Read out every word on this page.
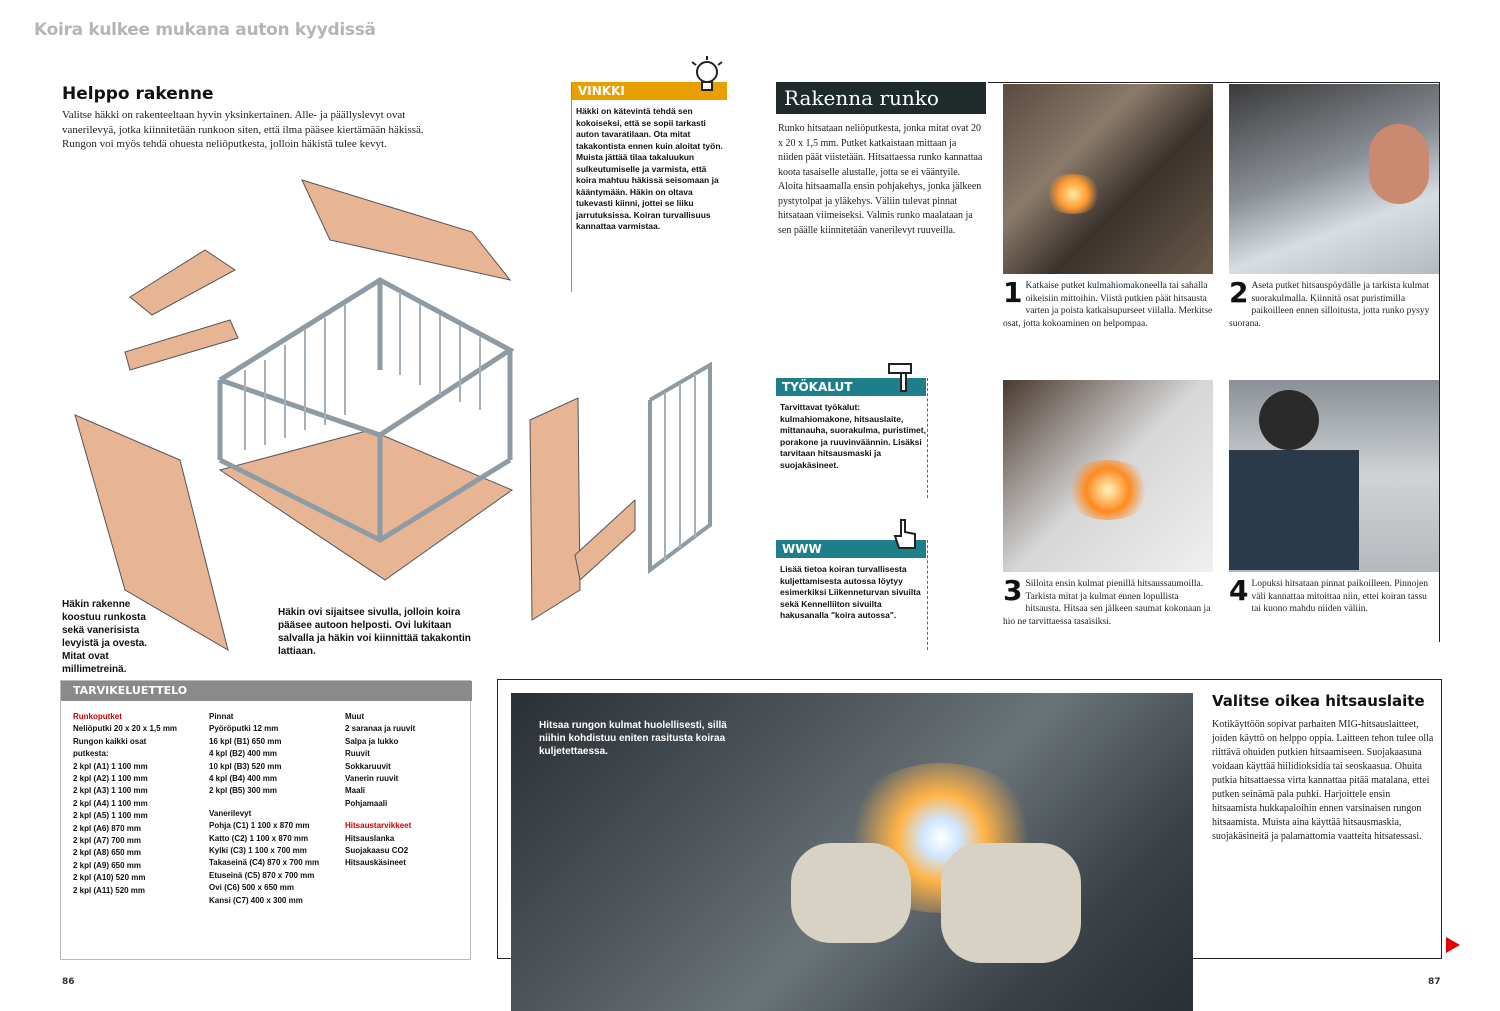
Koira kulkee mukana auton kyydissä
Helppo rakenne
Valitse häkki on rakenteeltaan hyvin yksinkertainen. Alle- ja päällyslevyt ovat vanerilevyä, jotka kiinnitetään runkoon siten, että ilma pääsee kiertämään häkissä. Rungon voi myös tehdä ohuesta neliöputkesta, jolloin häkistä tulee kevyt.
Häkin rakenne koostuu runkosta sekä vanerisista levyistä ja ovesta. Mitat ovat millimetreinä.
Häkin ovi sijaitsee sivulla, jolloin koira pääsee autoon helposti. Ovi lukitaan salvalla ja häkin voi kiinnittää takakontin lattiaan.
VINKKI
Häkki on kätevintä tehdä sen kokoiseksi, että se sopii tarkasti auton tavaratilaan. Ota mitat takakontista ennen kuin aloitat työn. Muista jättää tilaa takaluukun sulkeutumiselle ja varmista, että koira mahtuu häkissä seisomaan ja kääntymään. Häkin on oltava tukevasti kiinni, jottei se liiku jarrutuksissa. Koiran turvallisuus kannattaa varmistaa.
Rakenna runko
Runko hitsataan neliöputkesta, jonka mitat ovat 20 x 20 x 1,5 mm. Putket katkaistaan mittaan ja niiden päät viistetään. Hitsattaessa runko kannattaa koota tasaiselle alustalle, jotta se ei vääntyile. Aloita hitsaamalla ensin pohjakehys, jonka jälkeen pystytolpat ja yläkehys. Väliin tulevat pinnat hitsataan viimeiseksi. Valmis runko maalataan ja sen päälle kiinnitetään vanerilevyt ruuveilla.
TYÖKALUT
Tarvittavat työkalut: kulmahiomakone, hitsauslaite, mittanauha, suorakulma, puristimet, porakone ja ruuvinväännin. Lisäksi tarvitaan hitsausmaski ja suojakäsineet.
WWW
Lisää tietoa koiran turvallisesta kuljettamisesta autossa löytyy esimerkiksi Liikenneturvan sivuilta sekä Kennelliiton sivuilta hakusanalla "koira autossa".
1 Katkaise putket kulmahiomakoneella tai sahalla oikeisiin mittoihin. Viistä putkien päät hitsausta varten ja poista katkaisupurseet viilalla. Merkitse osat, jotta kokoaminen on helpompaa.
2 Aseta putket hitsauspöydälle ja tarkista kulmat suorakulmalla. Kiinnitä osat puristimilla paikoilleen ennen silloitusta, jotta runko pysyy suorana.
3 Silloita ensin kulmat pienillä hitsaussaumoilla. Tarkista mitat ja kulmat ennen lopullista hitsausta. Hitsaa sen jälkeen saumat kokonaan ja hio ne tarvittaessa tasaisiksi.
4 Lopuksi hitsataan pinnat paikoilleen. Pinnojen väli kannattaa mitoittaa niin, ettei koiran tassu tai kuono mahdu niiden väliin.
TARVIKELUETTELO
Runkoputket
Neliöputki 20 x 20 x 1,5 mm
Rungon kaikki osat
putkesta:
2 kpl (A1) 1 100 mm
2 kpl (A2) 1 100 mm
2 kpl (A3) 1 100 mm
2 kpl (A4) 1 100 mm
2 kpl (A5) 1 100 mm
2 kpl (A6) 870 mm
2 kpl (A7) 700 mm
2 kpl (A8) 650 mm
2 kpl (A9) 650 mm
2 kpl (A10) 520 mm
2 kpl (A11) 520 mm
Pinnat
Pyöröputki 12 mm
16 kpl (B1) 650 mm
4 kpl (B2) 400 mm
10 kpl (B3) 520 mm
4 kpl (B4) 400 mm
2 kpl (B5) 300 mm
Vanerilevyt
Pohja (C1) 1 100 x 870 mm
Katto (C2) 1 100 x 870 mm
Kylki (C3) 1 100 x 700 mm
Takaseinä (C4) 870 x 700 mm
Etuseinä (C5) 870 x 700 mm
Ovi (C6) 500 x 650 mm
Kansi (C7) 400 x 300 mm
Muut
2 saranaa ja ruuvit
Salpa ja lukko
Ruuvit
Sokkaruuvit
Vanerin ruuvit
Maali
Pohjamaali
Hitsaustarvikkeet
Hitsauslanka
Suojakaasu CO2
Hitsauskäsineet
Hitsaa rungon kulmat huolellisesti, sillä niihin kohdistuu eniten rasitusta koiraa kuljetettaessa.
Valitse oikea hitsauslaite
Kotikäyttöön sopivat parhaiten MIG-hitsauslaitteet, joiden käyttö on helppo oppia. Laitteen tehon tulee olla riittävä ohuiden putkien hitsaamiseen. Suojakaasuna voidaan käyttää hiilidioksidia tai seoskaasua. Ohuita putkia hitsattaessa virta kannattaa pitää matalana, ettei putken seinämä pala puhki. Harjoittele ensin hitsaamista hukkapaloihin ennen varsinaisen rungon hitsaamista. Muista aina käyttää hitsausmaskia, suojakäsineitä ja palamattomia vaatteita hitsatessasi.
86	87
